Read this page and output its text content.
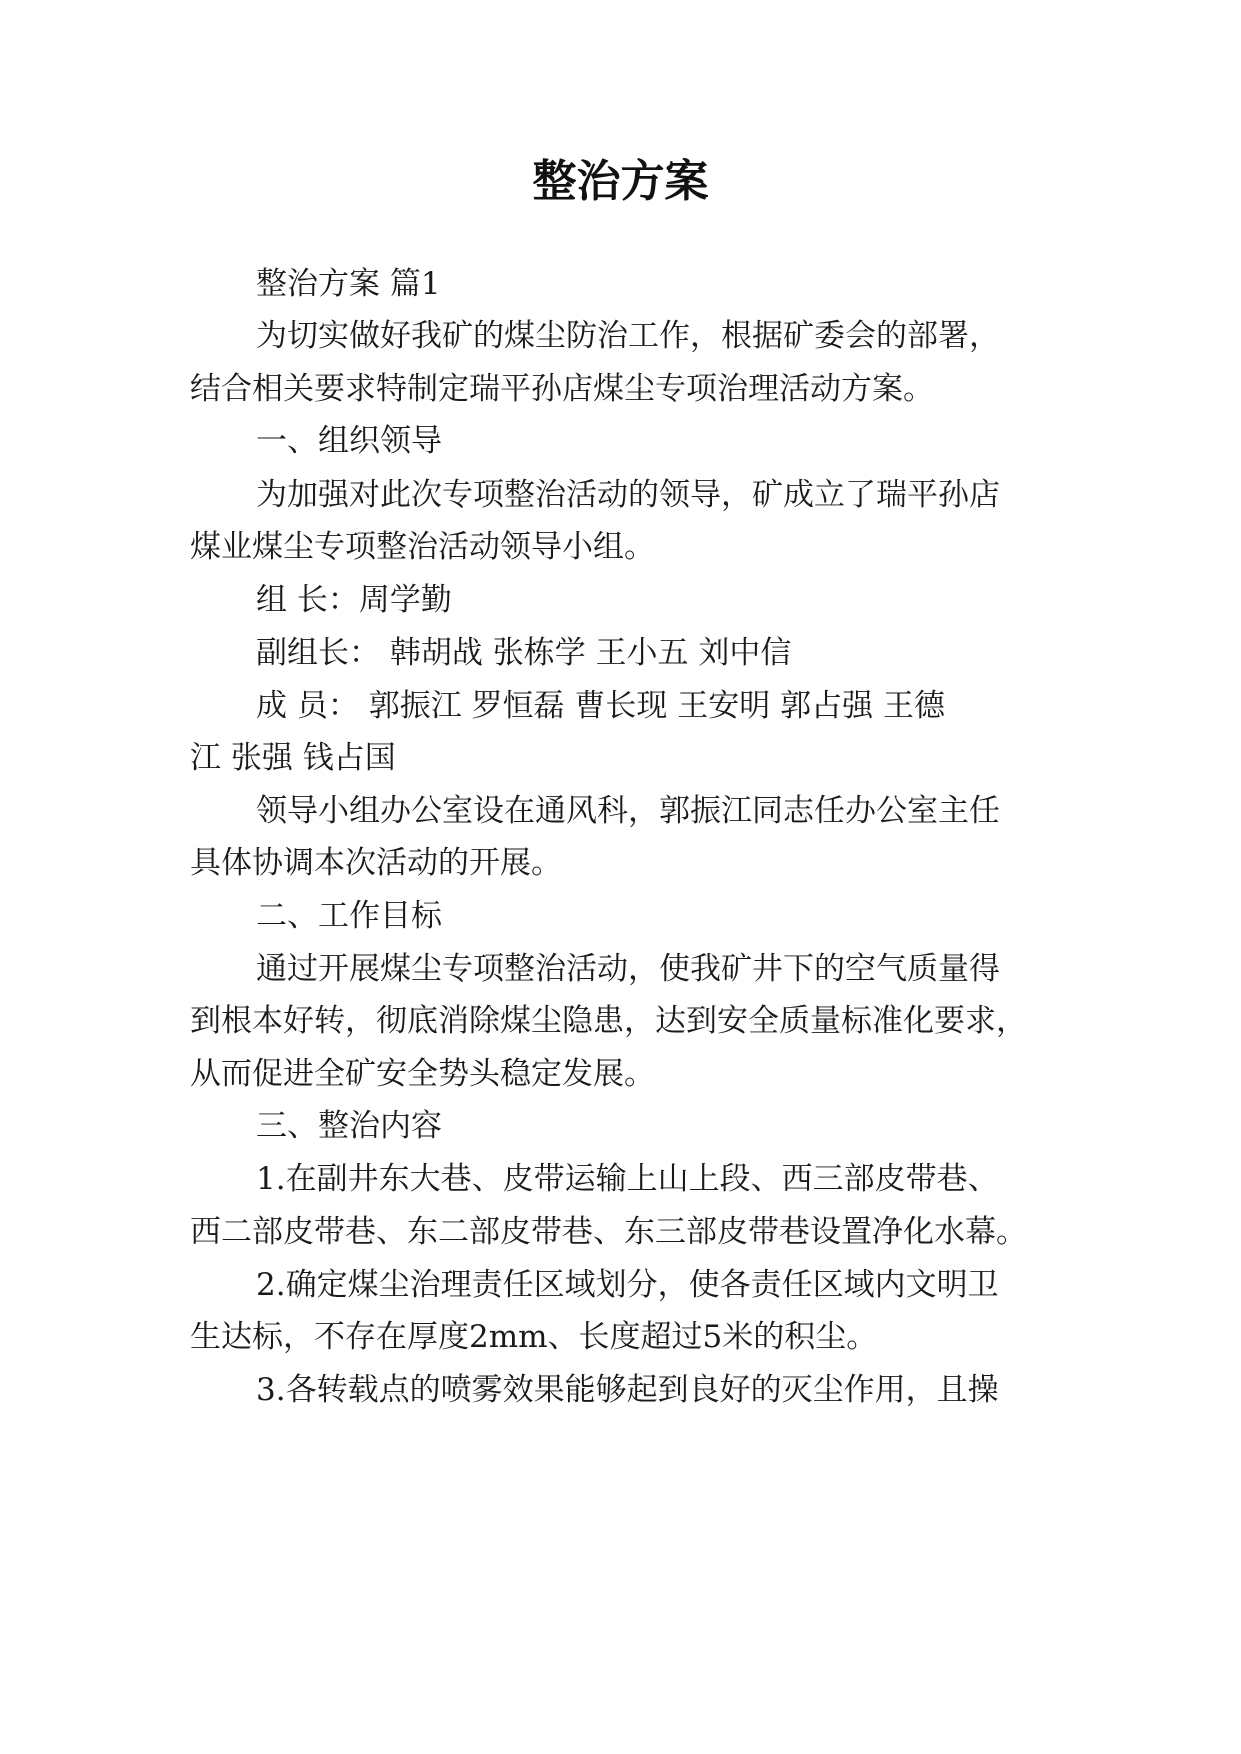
整治方案

整治方案 篇1

为切实做好我矿的煤尘防治工作，根据矿委会的部署，

结合相关要求特制定瑞平孙店煤尘专项治理活动方案。

一、组织领导

为加强对此次专项整治活动的领导，矿成立了瑞平孙店

煤业煤尘专项整治活动领导小组。

组 长：周学勤

副组长： 韩胡战 张栋学 王小五 刘中信

成 员： 郭振江 罗恒磊 曹长现 王安明 郭占强 王德

江 张强 钱占国

领导小组办公室设在通风科，郭振江同志任办公室主任

具体协调本次活动的开展。

二、工作目标

通过开展煤尘专项整治活动，使我矿井下的空气质量得

到根本好转，彻底消除煤尘隐患，达到安全质量标准化要求，

从而促进全矿安全势头稳定发展。

三、整治内容

1.在副井东大巷、皮带运输上山上段、西三部皮带巷、

西二部皮带巷、东二部皮带巷、东三部皮带巷设置净化水幕。

2.确定煤尘治理责任区域划分，使各责任区域内文明卫

生达标，不存在厚度2mm、长度超过5米的积尘。

3.各转载点的喷雾效果能够起到良好的灭尘作用，且操
